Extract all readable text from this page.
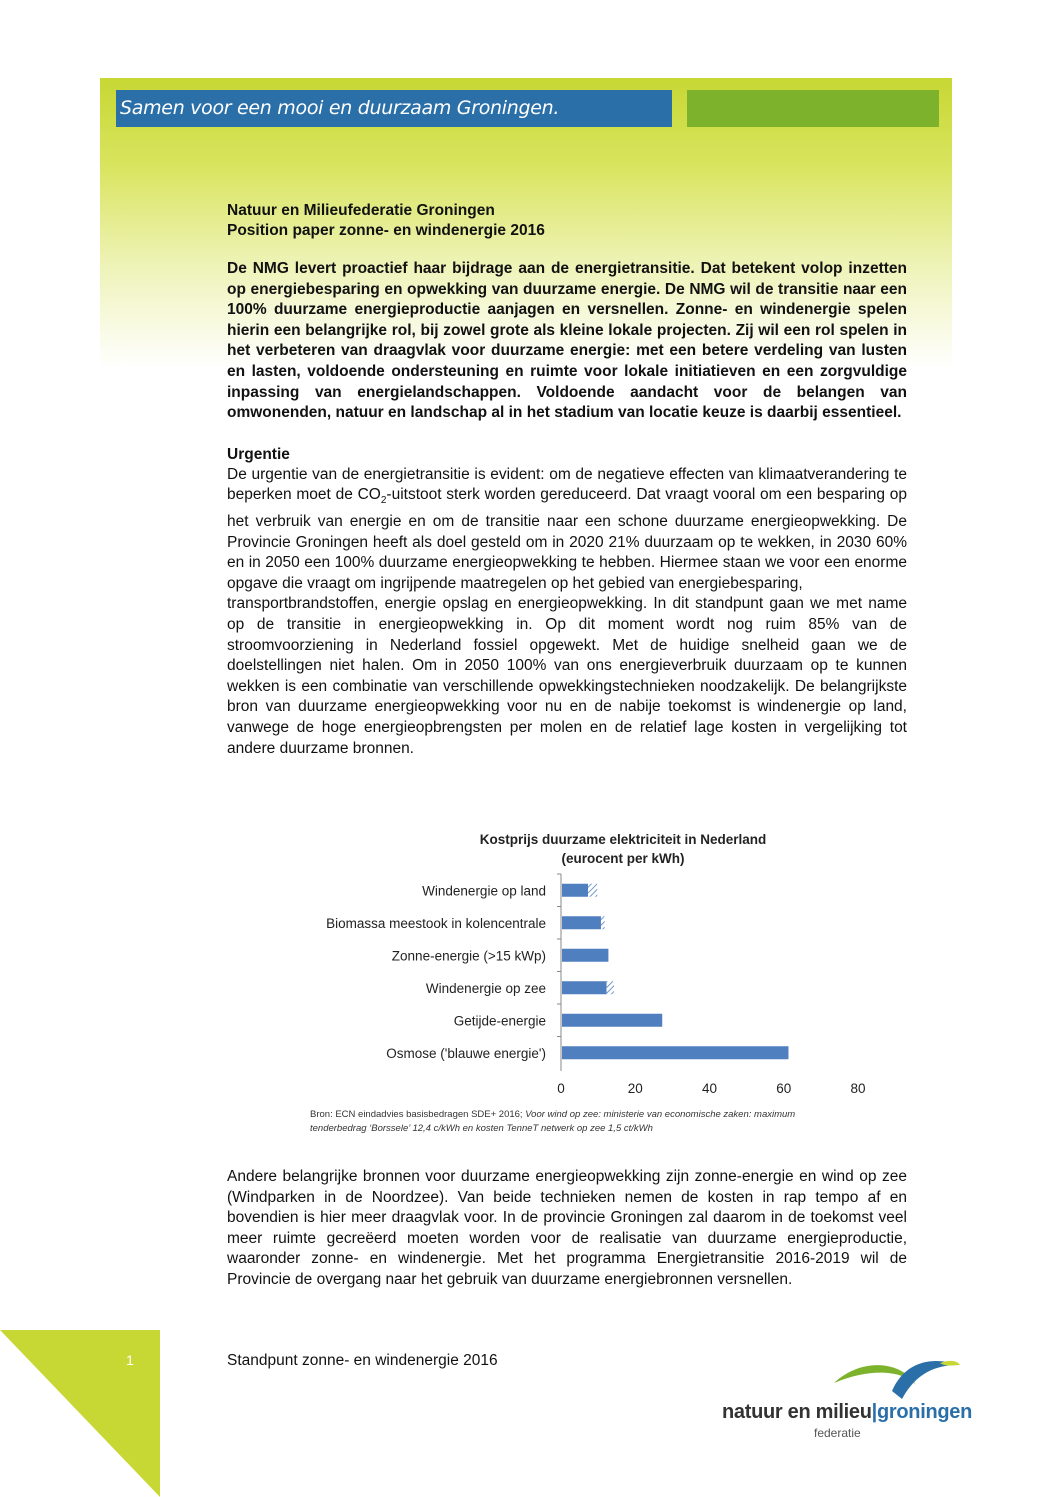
Samen voor een mooi en duurzaam Groningen.
Natuur en Milieufederatie Groningen
Position paper zonne- en windenergie 2016
De NMG levert proactief haar bijdrage aan de energietransitie. Dat betekent volop inzetten op energiebesparing en opwekking van duurzame energie. De NMG wil de transitie naar een 100% duurzame energieproductie aanjagen en versnellen. Zonne- en windenergie spelen hierin een belangrijke rol, bij zowel grote als kleine lokale projecten. Zij wil een rol spelen in het verbeteren van draagvlak voor duurzame energie: met een betere verdeling van lusten en lasten, voldoende ondersteuning en ruimte voor lokale initiatieven en een zorgvuldige inpassing van energielandschappen. Voldoende aandacht voor de belangen van omwonenden, natuur en landschap al in het stadium van locatie keuze is daarbij essentieel.
Urgentie

De urgentie van de energietransitie is evident: om de negatieve effecten van klimaatverandering te beperken moet de $CO_2$-uitstoot sterk worden gereduceerd. Dat vraagt vooral om een besparing op het verbruik van energie en om de transitie naar een schone duurzame energieopwekking. De Provincie Groningen heeft als doel gesteld om in 2020 21% duurzaam op te wekken, in 2030 60% en in 2050 een 100% duurzame energieopwekking te hebben. Hiermee staan we voor een enorme opgave die vraagt om ingrijpende maatregelen op het gebied van energiebesparing,

transportbrandstoffen, energie opslag en energieopwekking. In dit standpunt gaan we met name op de transitie in energieopwekking in. Op dit moment wordt nog ruim 85% van de stroomvoorziening in Nederland fossiel opgewekt. Met de huidige snelheid gaan we de doelstellingen niet halen. Om in 2050 100% van ons energieverbruik duurzaam op te kunnen wekken is een combinatie van verschillende opwekkingstechnieken noodzakelijk. De belangrijkste bron van duurzame energieopwekking voor nu en de nabije toekomst is windenergie op land, vanwege de hoge energieopbrengsten per molen en de relatief lage kosten in vergelijking tot andere duurzame bronnen.

Kostprijs duurzame elektriciteit in Nederland
(eurocent per kWh)
Windenergie op land
Biomassa meestook in kolencentrale
Zonne-energie (>15 kWp)
Windenergie op zee
Getijde-energie
Osmose ('blauwe energie')
0	20	40	60	80
Bron: ECN eindadvies basisbedragen SDE+ 2016; Voor wind op zee: ministerie van economische zaken: maximum tenderbedrag ‘Borssele’ 12,4 c/kWh en kosten TenneT netwerk op zee 1,5 ct/kWh

Andere belangrijke bronnen voor duurzame energieopwekking zijn zonne-energie en wind op zee (Windparken in de Noordzee). Van beide technieken nemen de kosten in rap tempo af en bovendien is hier meer draagvlak voor. In de provincie Groningen zal daarom in de toekomst veel meer ruimte gecreëerd moeten worden voor de realisatie van duurzame energieproductie, waaronder zonne- en windenergie. Met het programma Energietransitie 2016-2019 wil de Provincie de overgang naar het gebruik van duurzame energiebronnen versnellen.

1	Standpunt zonne- en windenergie 2016
natuur en milieu|groningen
federatie
